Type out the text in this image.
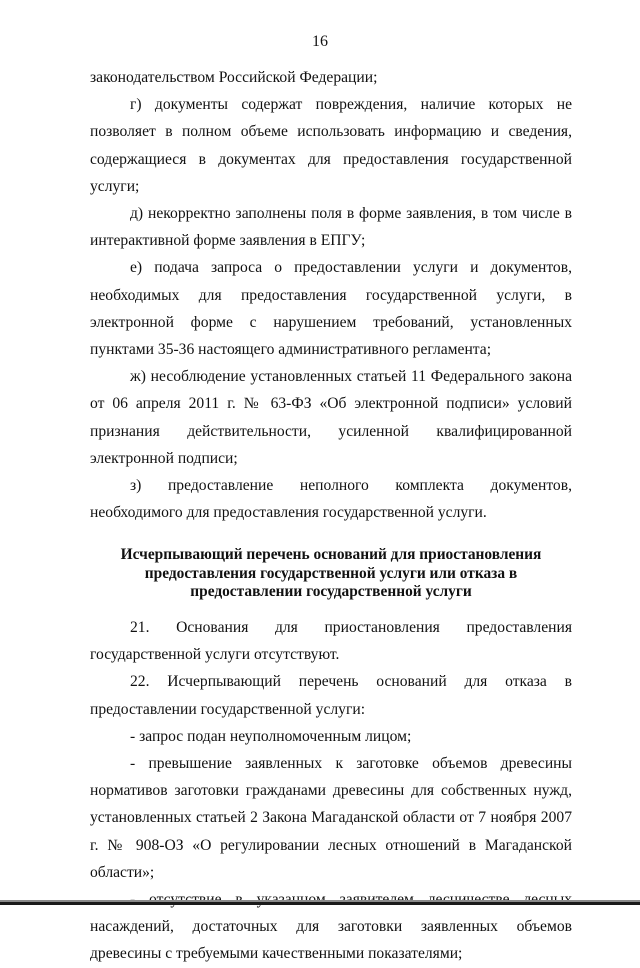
16

законодательством Российской Федерации;

г) документы содержат повреждения, наличие которых не позволяет в полном объеме использовать информацию и сведения, содержащиеся в документах для предоставления государственной услуги;

д) некорректно заполнены поля в форме заявления, в том числе в интерактивной форме заявления в ЕПГУ;

е) подача запроса о предоставлении услуги и документов, необходимых для предоставления государственной услуги, в электронной форме с нарушением требований, установленных пунктами 35-36 настоящего административного регламента;

ж) несоблюдение установленных статьей 11 Федерального закона от 06 апреля 2011 г. № 63-ФЗ «Об электронной подписи» условий признания действительности, усиленной квалифицированной электронной подписи;

з) предоставление неполного комплекта документов, необходимого для предоставления государственной услуги.

Исчерпывающий перечень оснований для приостановления
предоставления государственной услуги или отказа в
предоставлении государственной услуги

21. Основания для приостановления предоставления государственной услуги отсутствуют.

22. Исчерпывающий перечень оснований для отказа в предоставлении государственной услуги:

- запрос подан неуполномоченным лицом;

- превышение заявленных к заготовке объемов древесины нормативов заготовки гражданами древесины для собственных нужд, установленных статьей 2 Закона Магаданской области от 7 ноября 2007 г. № 908-ОЗ «О регулировании лесных отношений в Магаданской области»;

насаждений, достаточных для заготовки заявленных объемов древесины с требуемыми качественными показателями;
